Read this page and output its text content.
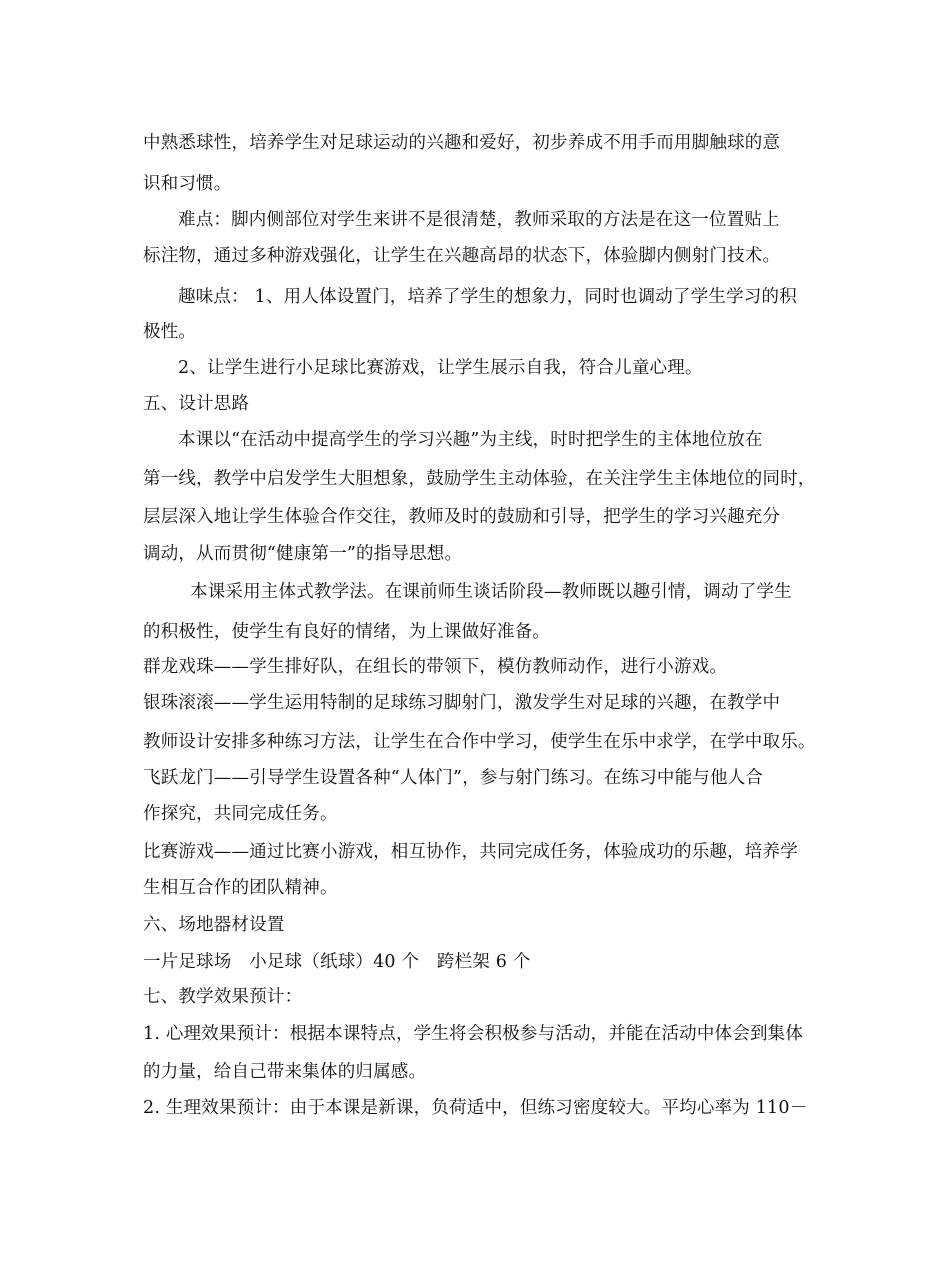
中熟悉球性，培养学生对足球运动的兴趣和爱好，初步养成不用手而用脚触球的意
识和习惯。
难点：脚内侧部位对学生来讲不是很清楚，教师采取的方法是在这一位置贴上
标注物，通过多种游戏强化，让学生在兴趣高昂的状态下，体验脚内侧射门技术。
趣味点： 1、用人体设置门，培养了学生的想象力，同时也调动了学生学习的积
极性。
2、让学生进行小足球比赛游戏，让学生展示自我，符合儿童心理。
五、设计思路
本课以“在活动中提高学生的学习兴趣”为主线，时时把学生的主体地位放在
第一线，教学中启发学生大胆想象，鼓励学生主动体验，在关注学生主体地位的同时，
层层深入地让学生体验合作交往，教师及时的鼓励和引导，把学生的学习兴趣充分
调动，从而贯彻“健康第一”的指导思想。
本课采用主体式教学法。在课前师生谈话阶段—教师既以趣引情，调动了学生
的积极性，使学生有良好的情绪，为上课做好准备。
群龙戏珠——学生排好队，在组长的带领下，模仿教师动作，进行小游戏。
银珠滚滚——学生运用特制的足球练习脚射门，激发学生对足球的兴趣，在教学中
教师设计安排多种练习方法，让学生在合作中学习，使学生在乐中求学，在学中取乐。
飞跃龙门——引导学生设置各种“人体门”，参与射门练习。在练习中能与他人合
作探究，共同完成任务。
比赛游戏——通过比赛小游戏，相互协作，共同完成任务，体验成功的乐趣，培养学
生相互合作的团队精神。
六、场地器材设置
一片足球场　小足球（纸球）40 个　跨栏架 6 个
七、教学效果预计：
1. 心理效果预计：根据本课特点，学生将会积极参与活动，并能在活动中体会到集体
的力量，给自己带来集体的归属感。
2. 生理效果预计：由于本课是新课，负荷适中，但练习密度较大。平均心率为 110－
